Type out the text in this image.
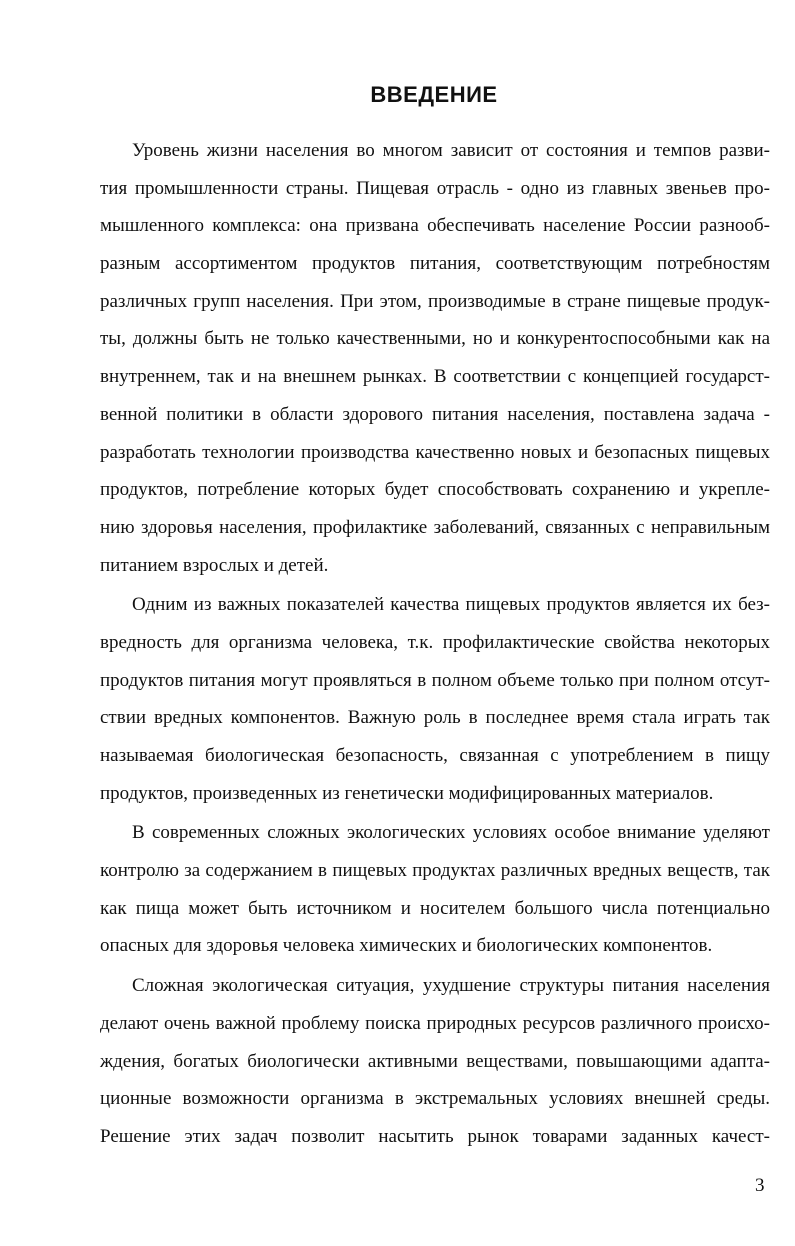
ВВЕДЕНИЕ
Уровень жизни населения во многом зависит от состояния и темпов разви-
тия промышленности страны. Пищевая отрасль - одно из главных звеньев про-
мышленного комплекса: она призвана обеспечивать население России разнооб-
разным ассортиментом продуктов питания, соответствующим потребностям
различных групп населения. При этом, производимые в стране пищевые продук-
ты, должны быть не только качественными, но и конкурентоспособными как на
внутреннем, так и на внешнем рынках. В соответствии с концепцией государст-
венной политики в области здорового питания населения, поставлена задача -
разработать технологии производства качественно новых и безопасных пищевых
продуктов, потребление которых будет способствовать сохранению и укрепле-
нию здоровья населения, профилактике заболеваний, связанных с неправильным
питанием взрослых и детей.
Одним из важных показателей качества пищевых продуктов является их без-
вредность для организма человека, т.к. профилактические свойства некоторых
продуктов питания могут проявляться в полном объеме только при полном отсут-
ствии вредных компонентов. Важную роль в последнее время стала играть так
называемая биологическая безопасность, связанная с употреблением в пищу
продуктов, произведенных из генетически модифицированных материалов.
В современных сложных экологических условиях особое внимание уделяют
контролю за содержанием в пищевых продуктах различных вредных веществ, так
как пища может быть источником и носителем большого числа потенциально
опасных для здоровья человека химических и биологических компонентов.
Сложная экологическая ситуация, ухудшение структуры питания населения
делают очень важной проблему поиска природных ресурсов различного происхо-
ждения, богатых биологически активными веществами, повышающими адапта-
ционные возможности организма в экстремальных условиях внешней среды.
Решение этих задач позволит насытить рынок товарами заданных качест-
3
